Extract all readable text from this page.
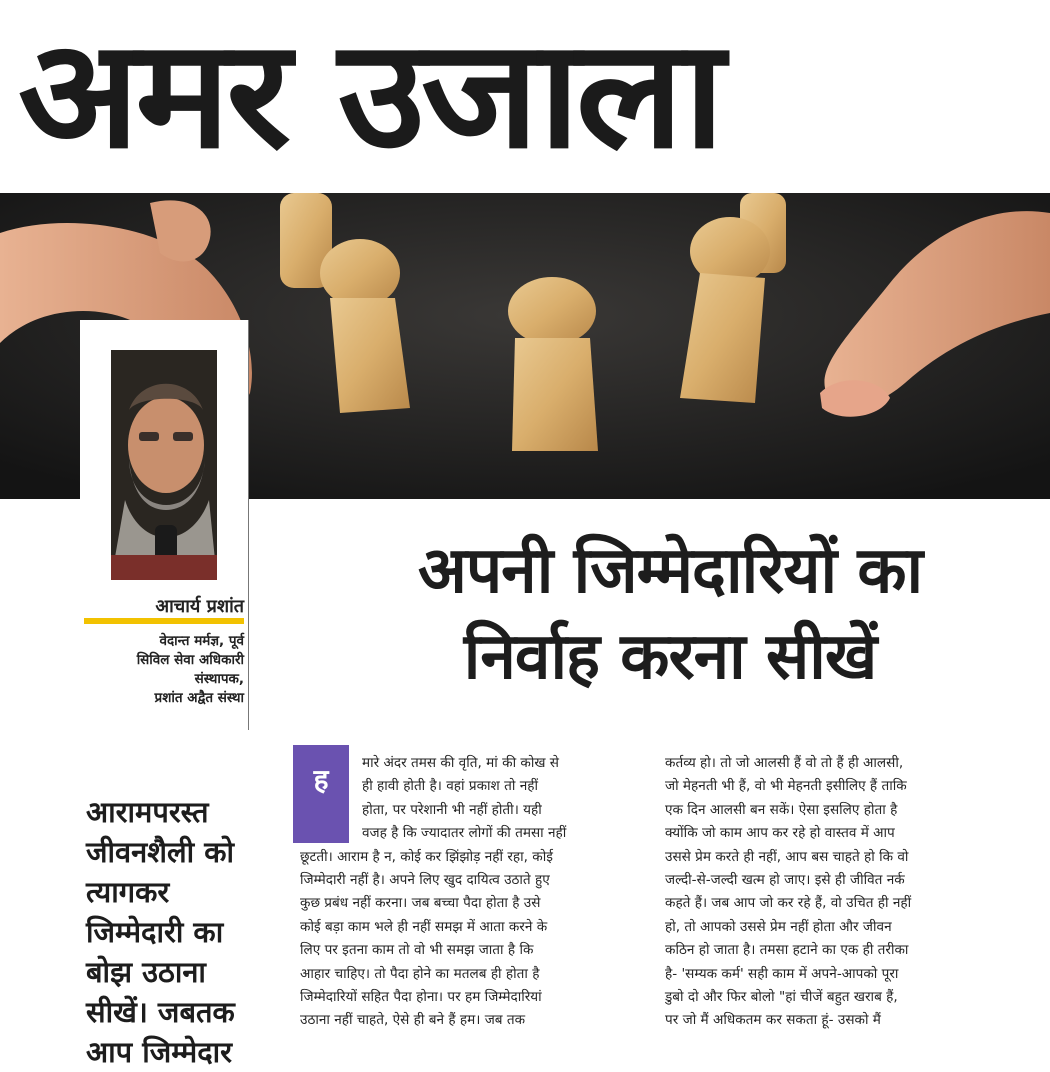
अमर उजाला
आचार्य प्रशांत
वेदान्त मर्मज्ञ, पूर्व
सिविल सेवा अधिकारी
संस्थापक,
प्रशांत अद्वैत संस्था
अपनी जिम्मेदारियों का
निर्वाह करना सीखें
आरामपरस्त
जीवनशैली को
त्यागकर
जिम्मेदारी का
बोझ उठाना
सीखें। जबतक
आप जिम्मेदार
ह	मारे अंदर तमस की वृति, मां की कोख से
ही हावी होती है। वहां प्रकाश तो नहीं
होता, पर परेशानी भी नहीं होती। यही
वजह है कि ज्यादातर लोगों की तमसा नहीं
छूटती। आराम है न, कोई कर झिंझोड़ नहीं रहा, कोई
जिम्मेदारी नहीं है। अपने लिए खुद दायित्व उठाते हुए
कुछ प्रबंध नहीं करना। जब बच्चा पैदा होता है उसे
कोई बड़ा काम भले ही नहीं समझ में आता करने के
लिए पर इतना काम तो वो भी समझ जाता है कि
आहार चाहिए। तो पैदा होने का मतलब ही होता है
जिम्मेदारियों सहित पैदा होना। पर हम जिम्मेदारियां
उठाना नहीं चाहते, ऐसे ही बने हैं हम। जब तक
कर्तव्य हो। तो जो आलसी हैं वो तो हैं ही आलसी,
जो मेहनती भी हैं, वो भी मेहनती इसीलिए हैं ताकि
एक दिन आलसी बन सकें। ऐसा इसलिए होता है
क्योंकि जो काम आप कर रहे हो वास्तव में आप
उससे प्रेम करते ही नहीं, आप बस चाहते हो कि वो
जल्दी-से-जल्दी खत्म हो जाए। इसे ही जीवित नर्क
कहते हैं। जब आप जो कर रहे हैं, वो उचित ही नहीं
हो, तो आपको उससे प्रेम नहीं होता और जीवन
कठिन हो जाता है। तमसा हटाने का एक ही तरीका
है- 'सम्यक कर्म' सही काम में अपने-आपको पूरा
डुबो दो और फिर बोलो "हां चीजें बहुत खराब हैं,
पर जो मैं अधिकतम कर सकता हूं- उसको मैं
